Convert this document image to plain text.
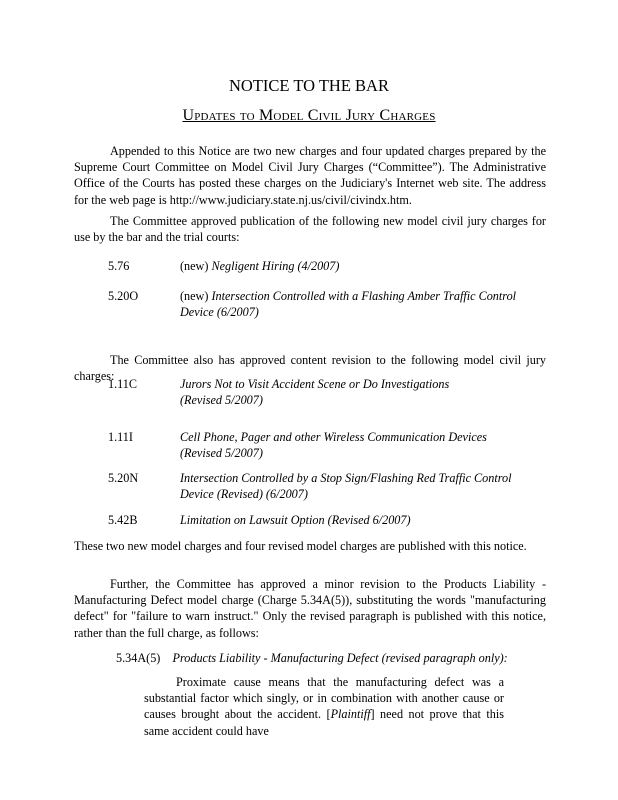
NOTICE TO THE BAR
Updates to Model Civil Jury Charges
Appended to this Notice are two new charges and four updated charges prepared by the Supreme Court Committee on Model Civil Jury Charges (“Committee”). The Administrative Office of the Courts has posted these charges on the Judiciary's Internet web site. The address for the web page is http://www.judiciary.state.nj.us/civil/civindx.htm.
The Committee approved publication of the following new model civil jury charges for use by the bar and the trial courts:
5.76	(new) Negligent Hiring (4/2007)
5.20O	(new) Intersection Controlled with a Flashing Amber Traffic Control Device (6/2007)
The Committee also has approved content revision to the following model civil jury charges:
1.11C	Jurors Not to Visit Accident Scene or Do Investigations (Revised 5/2007)
1.11I	Cell Phone, Pager and other Wireless Communication Devices (Revised 5/2007)
5.20N	Intersection Controlled by a Stop Sign/Flashing Red Traffic Control Device (Revised) (6/2007)
5.42B	Limitation on Lawsuit Option (Revised 6/2007)
These two new model charges and four revised model charges are published with this notice.
Further, the Committee has approved a minor revision to the Products Liability - Manufacturing Defect model charge (Charge 5.34A(5)), substituting the words "manufacturing defect" for "failure to warn instruct." Only the revised paragraph is published with this notice, rather than the full charge, as follows:
5.34A(5) Products Liability - Manufacturing Defect (revised paragraph only):
Proximate cause means that the manufacturing defect was a substantial factor which singly, or in combination with another cause or causes brought about the accident. [Plaintiff] need not prove that this same accident could have
